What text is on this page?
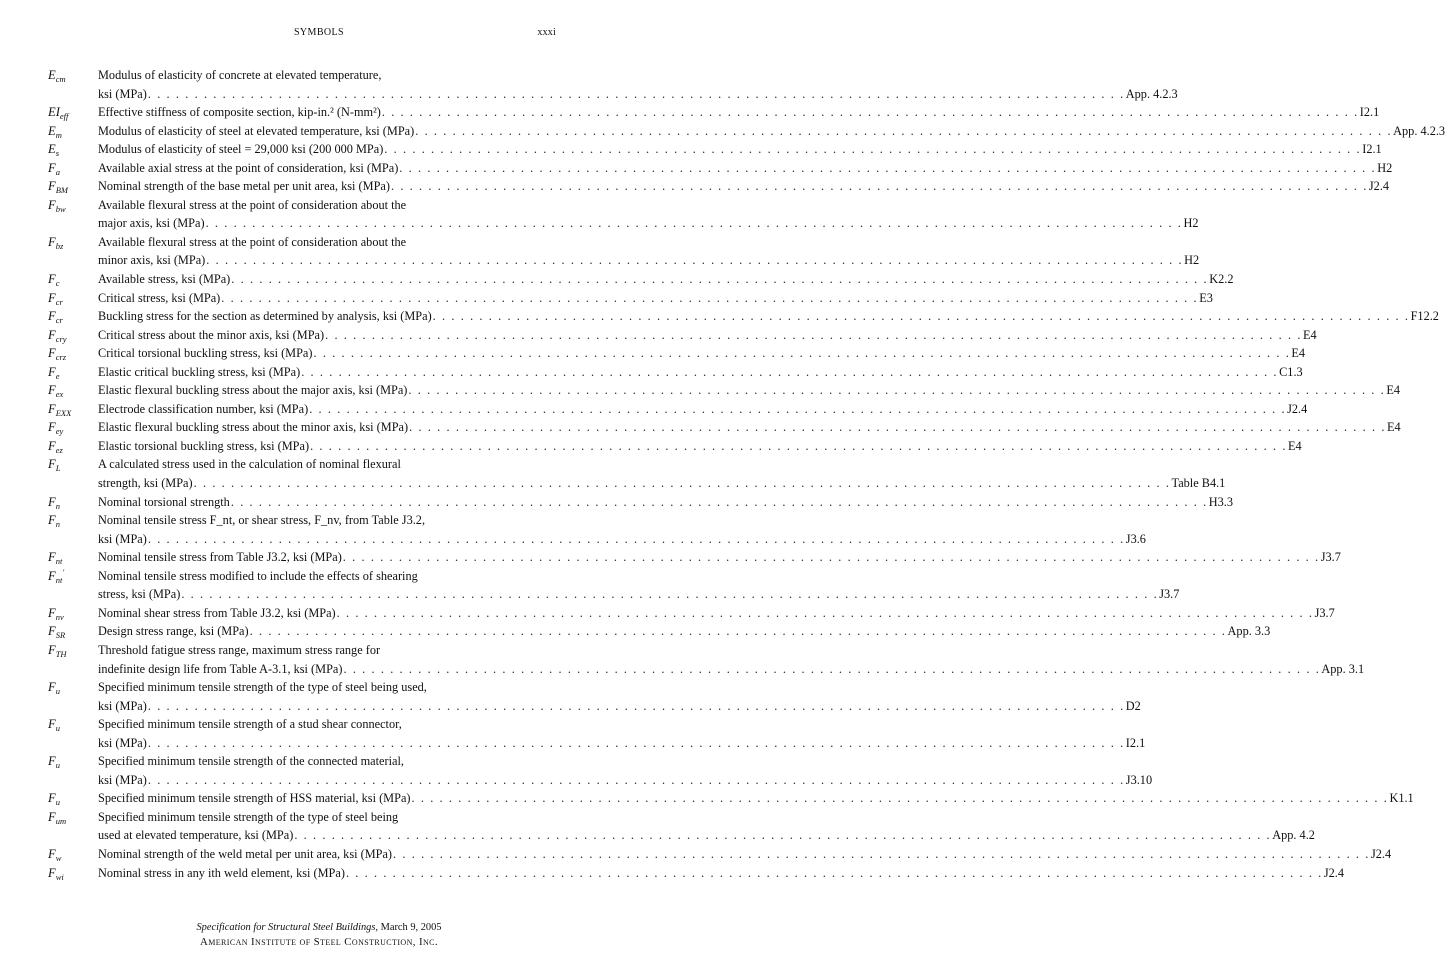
SYMBOLS	xxxi
$E_{cm}$	Modulus of elasticity of concrete at elevated temperature,
ksi (MPa) . . . . . . . . . . . . . . . . . . . . . . . . . . . . . . . . . . . . . . . . . . . . . . . . . . . . . . . . . . . . . . . . . . . . . . . . . . . . . . . . . . . . . . . . . . . . . . . . . . . . . . . . . App. 4.2.3
$EI_{eff}$	Effective stiffness of composite section, kip-in.² (N-mm²) . . . . . . . . . . . . . . . . . . . . . . . . . . . . . . . . . . . . . . . . . . . . . . . . . . . . . . . . . . . . . . . . . . . . . . . . . . . . . . . . . . . . . . . . . . . . . . . . . . . . . . . . . I2.1
$E_m$	Modulus of elasticity of steel at elevated temperature, ksi (MPa) . . . . . . . . . . . . . . . . . . . . . . . . . . . . . . . . . . . . . . . . . . . . . . . . . . . . . . . . . . . . . . . . . . . . . . . . . . . . . . . . . . . . . . . . . . . . . . . . . . . . . . . . . App. 4.2.3
$E_s$	Modulus of elasticity of steel = 29,000 ksi (200 000 MPa) . . . . . . . . . . . . . . . . . . . . . . . . . . . . . . . . . . . . . . . . . . . . . . . . . . . . . . . . . . . . . . . . . . . . . . . . . . . . . . . . . . . . . . . . . . . . . . . . . . . . . . . . . I2.1
$F_a$	Available axial stress at the point of consideration, ksi (MPa) . . . . . . . . . . . . . . . . . . . . . . . . . . . . . . . . . . . . . . . . . . . . . . . . . . . . . . . . . . . . . . . . . . . . . . . . . . . . . . . . . . . . . . . . . . . . . . . . . . . . . . . . . H2
$F_{BM}$	Nominal strength of the base metal per unit area, ksi (MPa) . . . . . . . . . . . . . . . . . . . . . . . . . . . . . . . . . . . . . . . . . . . . . . . . . . . . . . . . . . . . . . . . . . . . . . . . . . . . . . . . . . . . . . . . . . . . . . . . . . . . . . . . . J2.4
$F_{bw}$	Available flexural stress at the point of consideration about the
major axis, ksi (MPa) . . . . . . . . . . . . . . . . . . . . . . . . . . . . . . . . . . . . . . . . . . . . . . . . . . . . . . . . . . . . . . . . . . . . . . . . . . . . . . . . . . . . . . . . . . . . . . . . . . . . . . . . . H2
$F_{bz}$	Available flexural stress at the point of consideration about the
minor axis, ksi (MPa) . . . . . . . . . . . . . . . . . . . . . . . . . . . . . . . . . . . . . . . . . . . . . . . . . . . . . . . . . . . . . . . . . . . . . . . . . . . . . . . . . . . . . . . . . . . . . . . . . . . . . . . . . H2
$F_c$	Available stress, ksi (MPa) . . . . . . . . . . . . . . . . . . . . . . . . . . . . . . . . . . . . . . . . . . . . . . . . . . . . . . . . . . . . . . . . . . . . . . . . . . . . . . . . . . . . . . . . . . . . . . . . . . . . . . . . . K2.2
$F_{cr}$	Critical stress, ksi (MPa) . . . . . . . . . . . . . . . . . . . . . . . . . . . . . . . . . . . . . . . . . . . . . . . . . . . . . . . . . . . . . . . . . . . . . . . . . . . . . . . . . . . . . . . . . . . . . . . . . . . . . . . . . E3
$F_{cr}$	Buckling stress for the section as determined by analysis, ksi (MPa) . . . . . . . . . . . . . . . . . . . . . . . . . . . . . . . . . . . . . . . . . . . . . . . . . . . . . . . . . . . . . . . . . . . . . . . . . . . . . . . . . . . . . . . . . . . . . . . . . . . . . . . . . F12.2
$F_{cry}$	Critical stress about the minor axis, ksi (MPa) . . . . . . . . . . . . . . . . . . . . . . . . . . . . . . . . . . . . . . . . . . . . . . . . . . . . . . . . . . . . . . . . . . . . . . . . . . . . . . . . . . . . . . . . . . . . . . . . . . . . . . . . . E4
$F_{crz}$	Critical torsional buckling stress, ksi (MPa) . . . . . . . . . . . . . . . . . . . . . . . . . . . . . . . . . . . . . . . . . . . . . . . . . . . . . . . . . . . . . . . . . . . . . . . . . . . . . . . . . . . . . . . . . . . . . . . . . . . . . . . . . E4
$F_e$	Elastic critical buckling stress, ksi (MPa) . . . . . . . . . . . . . . . . . . . . . . . . . . . . . . . . . . . . . . . . . . . . . . . . . . . . . . . . . . . . . . . . . . . . . . . . . . . . . . . . . . . . . . . . . . . . . . . . . . . . . . . . . C1.3
$F_{ex}$	Elastic flexural buckling stress about the major axis, ksi (MPa) . . . . . . . . . . . . . . . . . . . . . . . . . . . . . . . . . . . . . . . . . . . . . . . . . . . . . . . . . . . . . . . . . . . . . . . . . . . . . . . . . . . . . . . . . . . . . . . . . . . . . . . . . E4
$F_{EXX}$	Electrode classification number, ksi (MPa) . . . . . . . . . . . . . . . . . . . . . . . . . . . . . . . . . . . . . . . . . . . . . . . . . . . . . . . . . . . . . . . . . . . . . . . . . . . . . . . . . . . . . . . . . . . . . . . . . . . . . . . . . J2.4
$F_{ey}$	Elastic flexural buckling stress about the minor axis, ksi (MPa) . . . . . . . . . . . . . . . . . . . . . . . . . . . . . . . . . . . . . . . . . . . . . . . . . . . . . . . . . . . . . . . . . . . . . . . . . . . . . . . . . . . . . . . . . . . . . . . . . . . . . . . . . E4
$F_{ez}$	Elastic torsional buckling stress, ksi (MPa) . . . . . . . . . . . . . . . . . . . . . . . . . . . . . . . . . . . . . . . . . . . . . . . . . . . . . . . . . . . . . . . . . . . . . . . . . . . . . . . . . . . . . . . . . . . . . . . . . . . . . . . . . E4
$F_L$	A calculated stress used in the calculation of nominal flexural
strength, ksi (MPa) . . . . . . . . . . . . . . . . . . . . . . . . . . . . . . . . . . . . . . . . . . . . . . . . . . . . . . . . . . . . . . . . . . . . . . . . . . . . . . . . . . . . . . . . . . . . . . . . . . . . . . . . . Table B4.1
$F_n$	Nominal torsional strength . . . . . . . . . . . . . . . . . . . . . . . . . . . . . . . . . . . . . . . . . . . . . . . . . . . . . . . . . . . . . . . . . . . . . . . . . . . . . . . . . . . . . . . . . . . . . . . . . . . . . . . . . H3.3
$F_n$	Nominal tensile stress F_nt, or shear stress, F_nv, from Table J3.2,
ksi (MPa) . . . . . . . . . . . . . . . . . . . . . . . . . . . . . . . . . . . . . . . . . . . . . . . . . . . . . . . . . . . . . . . . . . . . . . . . . . . . . . . . . . . . . . . . . . . . . . . . . . . . . . . . . J3.6
$F_{nt}$	Nominal tensile stress from Table J3.2, ksi (MPa) . . . . . . . . . . . . . . . . . . . . . . . . . . . . . . . . . . . . . . . . . . . . . . . . . . . . . . . . . . . . . . . . . . . . . . . . . . . . . . . . . . . . . . . . . . . . . . . . . . . . . . . . . J3.7
$F_{nt}'$	Nominal tensile stress modified to include the effects of shearing
stress, ksi (MPa) . . . . . . . . . . . . . . . . . . . . . . . . . . . . . . . . . . . . . . . . . . . . . . . . . . . . . . . . . . . . . . . . . . . . . . . . . . . . . . . . . . . . . . . . . . . . . . . . . . . . . . . . . J3.7
$F_{nv}$	Nominal shear stress from Table J3.2, ksi (MPa) . . . . . . . . . . . . . . . . . . . . . . . . . . . . . . . . . . . . . . . . . . . . . . . . . . . . . . . . . . . . . . . . . . . . . . . . . . . . . . . . . . . . . . . . . . . . . . . . . . . . . . . . . J3.7
$F_{SR}$	Design stress range, ksi (MPa) . . . . . . . . . . . . . . . . . . . . . . . . . . . . . . . . . . . . . . . . . . . . . . . . . . . . . . . . . . . . . . . . . . . . . . . . . . . . . . . . . . . . . . . . . . . . . . . . . . . . . . . . . App. 3.3
$F_{TH}$	Threshold fatigue stress range, maximum stress range for
indefinite design life from Table A-3.1, ksi (MPa) . . . . . . . . . . . . . . . . . . . . . . . . . . . . . . . . . . . . . . . . . . . . . . . . . . . . . . . . . . . . . . . . . . . . . . . . . . . . . . . . . . . . . . . . . . . . . . . . . . . . . . . . . App. 3.1
$F_u$	Specified minimum tensile strength of the type of steel being used,
ksi (MPa) . . . . . . . . . . . . . . . . . . . . . . . . . . . . . . . . . . . . . . . . . . . . . . . . . . . . . . . . . . . . . . . . . . . . . . . . . . . . . . . . . . . . . . . . . . . . . . . . . . . . . . . . . D2
$F_u$	Specified minimum tensile strength of a stud shear connector,
ksi (MPa) . . . . . . . . . . . . . . . . . . . . . . . . . . . . . . . . . . . . . . . . . . . . . . . . . . . . . . . . . . . . . . . . . . . . . . . . . . . . . . . . . . . . . . . . . . . . . . . . . . . . . . . . . I2.1
$F_u$	Specified minimum tensile strength of the connected material,
ksi (MPa) . . . . . . . . . . . . . . . . . . . . . . . . . . . . . . . . . . . . . . . . . . . . . . . . . . . . . . . . . . . . . . . . . . . . . . . . . . . . . . . . . . . . . . . . . . . . . . . . . . . . . . . . . J3.10
$F_u$	Specified minimum tensile strength of HSS material, ksi (MPa) . . . . . . . . . . . . . . . . . . . . . . . . . . . . . . . . . . . . . . . . . . . . . . . . . . . . . . . . . . . . . . . . . . . . . . . . . . . . . . . . . . . . . . . . . . . . . . . . . . . . . . . . . K1.1
$F_{um}$	Specified minimum tensile strength of the type of steel being
used at elevated temperature, ksi (MPa) . . . . . . . . . . . . . . . . . . . . . . . . . . . . . . . . . . . . . . . . . . . . . . . . . . . . . . . . . . . . . . . . . . . . . . . . . . . . . . . . . . . . . . . . . . . . . . . . . . . . . . . . . App. 4.2
$F_w$	Nominal strength of the weld metal per unit area, ksi (MPa) . . . . . . . . . . . . . . . . . . . . . . . . . . . . . . . . . . . . . . . . . . . . . . . . . . . . . . . . . . . . . . . . . . . . . . . . . . . . . . . . . . . . . . . . . . . . . . . . . . . . . . . . . J2.4
$F_{wi}$	Nominal stress in any ith weld element, ksi (MPa) . . . . . . . . . . . . . . . . . . . . . . . . . . . . . . . . . . . . . . . . . . . . . . . . . . . . . . . . . . . . . . . . . . . . . . . . . . . . . . . . . . . . . . . . . . . . . . . . . . . . . . . . . J2.4
Specification for Structural Steel Buildings, March 9, 2005
American Institute of Steel Construction, Inc.
